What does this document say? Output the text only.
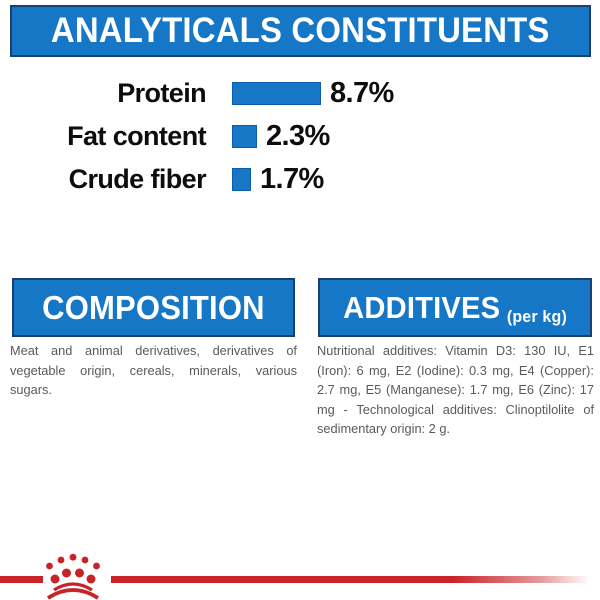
ANALYTICALS CONSTITUENTS
Protein	8.7%
Fat content 2.3%
Crude fiber 1.7%
COMPOSITION
Meat and animal derivatives, derivatives of vegetable origin, cereals, minerals, various sugars.
ADDITIVES (per kg)
Nutritional additives: Vitamin D3: 130 IU, E1 (Iron): 6 mg, E2 (Iodine): 0.3 mg, E4 (Copper): 2.7 mg, E5 (Manganese): 1.7 mg, E6 (Zinc): 17 mg - Technological additives: Clinoptilolite of sedimentary origin: 2 g.
